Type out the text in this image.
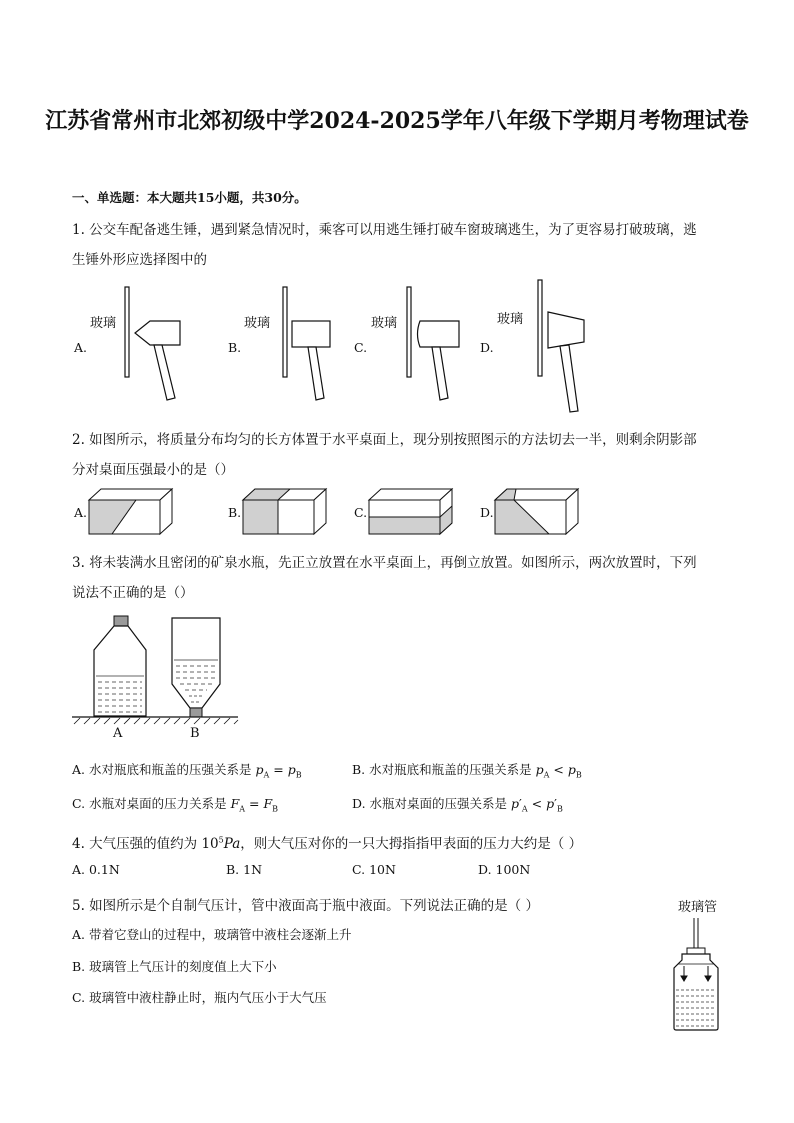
江苏省常州市北郊初级中学2024-2025学年八年级下学期月考物理试卷
一、单选题：本大题共15小题，共30分。
1. 公交车配备逃生锤，遇到紧急情况时，乘客可以用逃生锤打破车窗玻璃逃生，为了更容易打破玻璃，逃
生锤外形应选择图中的
玻璃	玻璃	玻璃	玻璃
A.	B.	C.	D.
2. 如图所示，将质量分布均匀的长方体置于水平桌面上，现分别按照图示的方法切去一半，则剩余阴影部
分对桌面压强最小的是（）
A.	B.	C.	D.
3. 将未装满水且密闭的矿泉水瓶，先正立放置在水平桌面上，再倒立放置。如图所示，两次放置时，下列
说法不正确的是（）
A	B
A. 水对瓶底和瓶盖的压强关系是 $p_A = p_B$	B. 水对瓶底和瓶盖的压强关系是 $p_A < p_B$
C. 水瓶对桌面的压力关系是 $F_A = F_B$	D. 水瓶对桌面的压强关系是 $p'_A < p'_B$
4. 大气压强的值约为 $10^5Pa$，则大气压对你的一只大拇指指甲表面的压力大约是（ ）
A. 0.1N	B. 1N	C. 10N	D. 100N
5. 如图所示是个自制气压计，管中液面高于瓶中液面。下列说法正确的是（ ）
A. 带着它登山的过程中，玻璃管中液柱会逐渐上升
B. 玻璃管上气压计的刻度值上大下小
C. 玻璃管中液柱静止时，瓶内气压小于大气压
玻璃管
